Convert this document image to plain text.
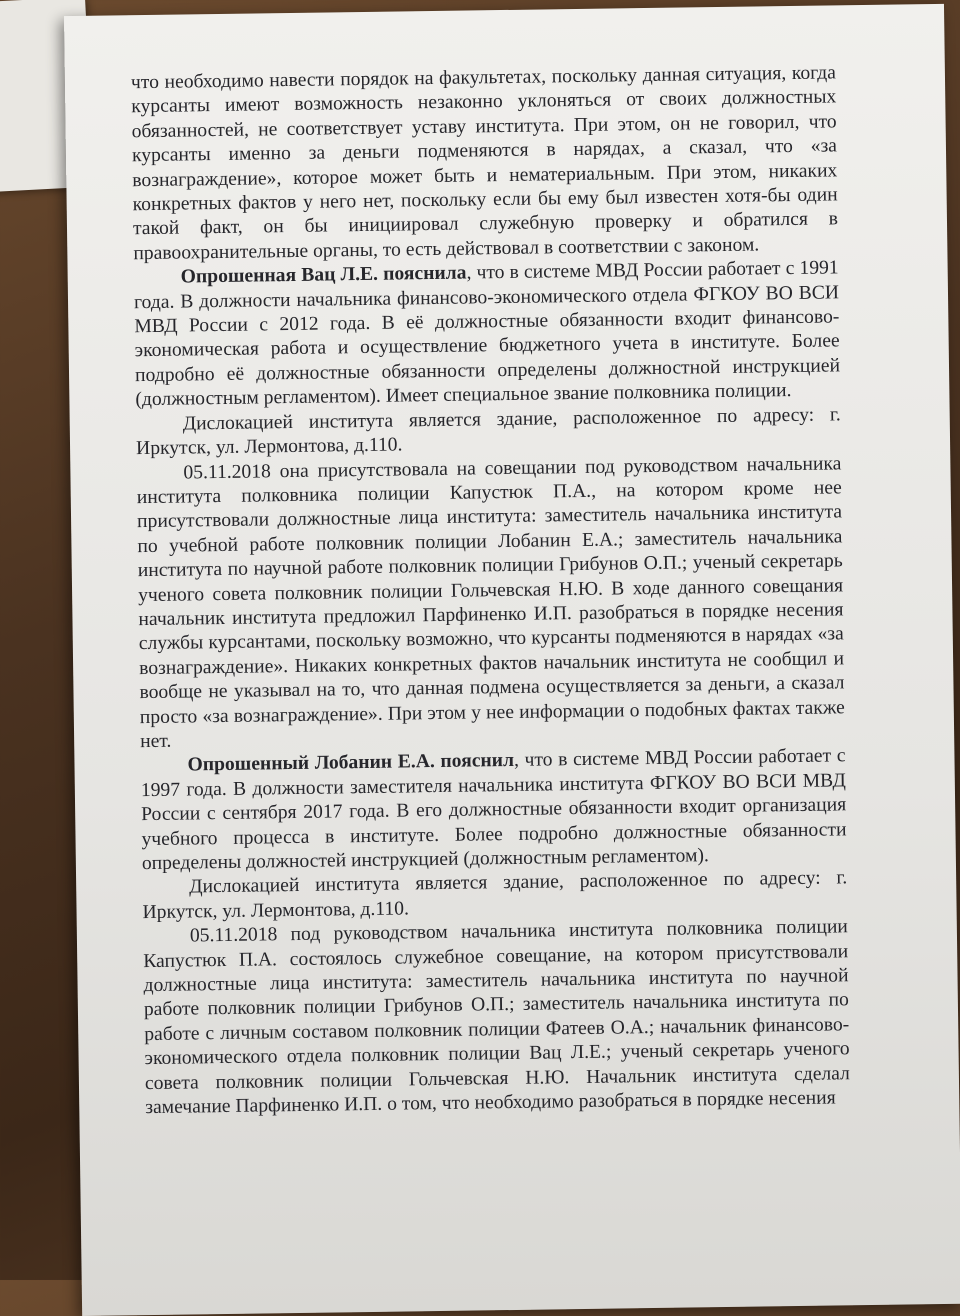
что необходимо навести порядок на факультетах, поскольку данная ситуация, когда курсанты имеют возможность незаконно уклоняться от своих должностных обязанностей, не соответствует уставу института. При этом, он не говорил, что курсанты именно за деньги подменяются в нарядах, а сказал, что «за вознаграждение», которое может быть и нематериальным. При этом, никаких конкретных фактов у него нет, поскольку если бы ему был известен хотя-бы один такой факт, он бы инициировал служебную проверку и обратился в правоохранительные органы, то есть действовал в соответствии с законом.

Опрошенная Вац Л.Е. пояснила, что в системе МВД России работает с 1991 года. В должности начальника финансово-экономического отдела ФГКОУ ВО ВСИ МВД России с 2012 года. В её должностные обязанности входит финансово-экономическая работа и осуществление бюджетного учета в институте. Более подробно её должностные обязанности определены должностной инструкцией (должностным регламентом). Имеет специальное звание полковника полиции.

Дислокацией института является здание, расположенное по адресу: г. Иркутск, ул. Лермонтова, д.110.

05.11.2018 она присутствовала на совещании под руководством начальника института полковника полиции Капустюк П.А., на котором кроме нее присутствовали должностные лица института: заместитель начальника института по учебной работе полковник полиции Лобанин Е.А.; заместитель начальника института по научной работе полковник полиции Грибунов О.П.; ученый секретарь ученого совета полковник полиции Гольчевская Н.Ю. В ходе данного совещания начальник института предложил Парфиненко И.П. разобраться в порядке несения службы курсантами, поскольку возможно, что курсанты подменяются в нарядах «за вознаграждение». Никаких конкретных фактов начальник института не сообщил и вообще не указывал на то, что данная подмена осуществляется за деньги, а сказал просто «за вознаграждение». При этом у нее информации о подобных фактах также нет.

Опрошенный Лобанин Е.А. пояснил, что в системе МВД России работает с 1997 года. В должности заместителя начальника института ФГКОУ ВО ВСИ МВД России с сентября 2017 года. В его должностные обязанности входит организация учебного процесса в институте. Более подробно должностные обязанности определены должностей инструкцией (должностным регламентом).

Дислокацией института является здание, расположенное по адресу: г. Иркутск, ул. Лермонтова, д.110.

05.11.2018 под руководством начальника института полковника полиции Капустюк П.А. состоялось служебное совещание, на котором присутствовали должностные лица института: заместитель начальника института по научной работе полковник полиции Грибунов О.П.; заместитель начальника института по работе с личным составом полковник полиции Фатеев О.А.; начальник финансово-экономического отдела полковник полиции Вац Л.Е.; ученый секретарь ученого совета полковник полиции Гольчевская Н.Ю. Начальник института сделал замечание Парфиненко И.П. о том, что необходимо разобраться в порядке несения
